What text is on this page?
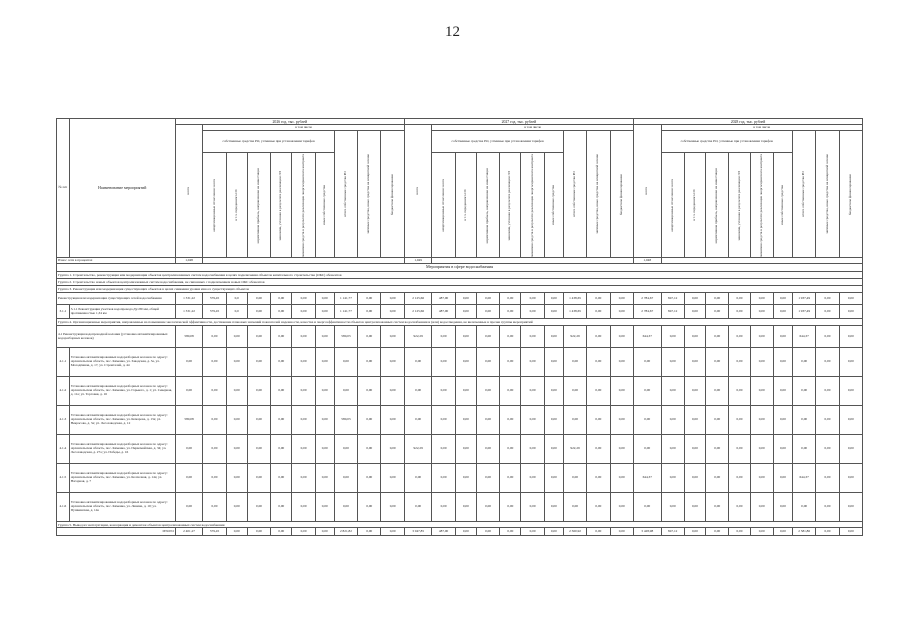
12
№ п/п	Наименование мероприятий	2026 год, тыс. рублей										2027 год, тыс. рублей										2028 год, тыс. рублей									

		всего	в том числе									всего	в том числе									всего	в том числе								
			собственные средства РО, учтенные при установлении тарифов						итого собственные средства РО	заёмные средства, иные средства на возвратной основе	бюджетное финансирование		собственные средства РО, учтенные при установлении тарифов						итого собственные средства РО	заёмные средства, иные средства на возвратной основе	бюджетное финансирование		собственные средства РО, учтенные при установлении тарифов						итого собственные средства РО	заёмные средства, иные средства на возвратной основе	бюджетное финансирование

			амортизационные отчисления: всего	в т.ч. переданного ОС	нормативная прибыль, направленная на инвестиции	экономия, учтенная в результате реализации ЭЭ	экономия средств в результате реализации энергосервисного контракта	иные собственные средства					амортизационные отчисления: всего	в т.ч. переданного ОС	нормативная прибыль, направленная на инвестиции	экономия, учтенная в результате реализации ЭЭ	экономия средств в результате реализации энергосервисного контракта	иные собственные средства					амортизационные отчисления: всего	в т.ч. переданного ОС	нормативная прибыль, направленная на инвестиции	экономия, учтенная в результате реализации ЭЭ	экономия средств в результате реализации энергосервисного контракта	иные собственные средства			

Износ сети в процентах		1,048										1,049										1,048									
Мероприятия в сфере водоснабжения																															
Группа 1. Строительство, реконструкция или модернизация объектов централизованных систем водоснабжения в целях подключения объектов капитального строительства (ОКС) абонентов																															
Группа 2. Строительство новых объектов централизованных систем водоснабжения, не связанных с подключением новых ОКС абонентов																															
Группа 3. Реконструкция или модернизация существующих объектов в целях снижения уровня износа существующих объектов																															
Реконструкция или модернизация существующих сетей водоснабжения		1 331,22	579,45	0,0	0,00	0,00	0,00	0,00	1 141,77	0,00	0,00	2 125,66	487,00	0,00	0,00	0,00	0,00	0,00	1 438,65	0,00	0,00	2 784,67	847,12	0,00	0,00	0,00	0,00	0,00	1 937,49	0,00	0,00
3.1.1	3.1.1 Реконструкция участков водопровода Ду=80 мм, общей протяженностью 1,34 км	1 331,22	579,45	0,0	0,00	0,00	0,00	0,00	1 141,77	0,00	0,00	2 125,66	487,00	0,00	0,00	0,00	0,00	0,00	1 438,65	0,00	0,00	2 784,67	847,12	0,00	0,00	0,00	0,00	0,00	1 937,49	0,00	0,00
Группа 4. Организационные мероприятия, направленные на повышение экологической эффективности, достижение плановых значений показателей надежности, качества и энергоэффективности объектов централизованных систем водоснабжения и (или) водоотведения, не включенные в прочие группы мероприятий																															
4.1 Реконструкция водопроводной колонки (установка автоматизированных водоразборных колонок)		580,08	0,00	0,00	0,00	0,00	0,00	0,00	580,03	0,00	0,00	922,29	0,00	0,00	0,00	0,00	0,00	0,00	922,29	0,00	0,00	644,37	0,00	0,00	0,00	0,00	0,00	0,00	644,37	0,00	0,00
4.1.1	Установка автоматизированных водоразборных колонок по адресу: Архангельская область, пос. Каменка, ул. Заводская, д. 3а, ул. Молодёжная, д. 17, ул. Строителей, д. 44	0,00	0,00	0,00	0,00	0,00	0,00	0,00	0,00	0,00	0,00	0,00	0,00	0,00	0,00	0,00	0,00	0,00	0,00	0,00	0,00	0,00	0,00	0,00	0,00	0,00	0,00	0,00	0,00	0,00	0,00
4.1.2	Установка автоматизированных водоразборных колонок по адресу: Архангельская область, пос. Каменка, ул. Горького, д. 1; ул. Северная, д. 11а; ул. Торговая, д. 16	0,00	0,00	0,00	0,00	0,00	0,00	0,00	0,00	0,00	0,00	0,00	0,00	0,00	0,00	0,00	0,00	0,00	0,00	0,00	0,00	0,00	0,00	0,00	0,00	0,00	0,00	0,00	0,00	0,00	0,00
4.1.3	Установка автоматизированных водоразборных колонок по адресу: Архангельская область, пос. Каменка, ул. Комарова, д. 13а; ул. Некрасова, д. 3а; ул. Лесозаводская, д. 12	580,08	0,00	0,00	0,00	0,00	0,00	0,00	580,03	0,00	0,00	0,00	0,00	0,00	0,00	0,00	0,00	0,00	0,00	0,00	0,00	0,00	0,00	0,00	0,00	0,00	0,00	0,00	0,00	0,00	0,00
4.1.4	Установка автоматизированных водоразборных колонок по адресу: Архангельская область, пос. Каменка, ул. Первомайская, д. 34; ул. Лесозаводская, д. 27а; ул. Победы, д. 16	0,00	0,00	0,00	0,00	0,00	0,00	0,00	0,00	0,00	0,00	922,29	0,00	0,00	0,00	0,00	0,00	0,00	922,29	0,00	0,00	0,00	0,00	0,00	0,00	0,00	0,00	0,00	0,00	0,00	0,00
4.1.5	Установка автоматизированных водоразборных колонок по адресу: Архангельская область, пос. Каменка, ул. Колхозная, д. 14а; ул. Нагорная, д. 7	0,00	0,00	0,00	0,00	0,00	0,00	0,00	0,00	0,00	0,00	0,00	0,00	0,00	0,00	0,00	0,00	0,00	0,00	0,00	0,00	644,37	0,00	0,00	0,00	0,00	0,00	0,00	644,37	0,00	0,00
4.1.6	Установка автоматизированных водоразборных колонок по адресу: Архангельская область, пос. Каменка, ул. Ленина, д. 10; ул. Пушкинская, д. 14а	0,00	0,00	0,00	0,00	0,00	0,00	0,00	0,00	0,00	0,00	0,00	0,00	0,00	0,00	0,00	0,00	0,00	0,00	0,00	0,00	0,00	0,00	0,00	0,00	0,00	0,00	0,00	0,00	0,00	0,00
Группа 5. Вывод из эксплуатации, консервация и демонтаж объектов централизованных систем водоснабжения																															
ИТОГО		2 401,27	579,45	0,00	0,00	0,00	0,00	0,00	2 821,82	0,00	0,00	3 047,85	487,00	0,00	0,00	0,00	0,00	0,00	2 360,92	0,00	0,00	3 428,98	847,12	0,00	0,00	0,00	0,00	0,00	2 581,86	0,00	0,00
